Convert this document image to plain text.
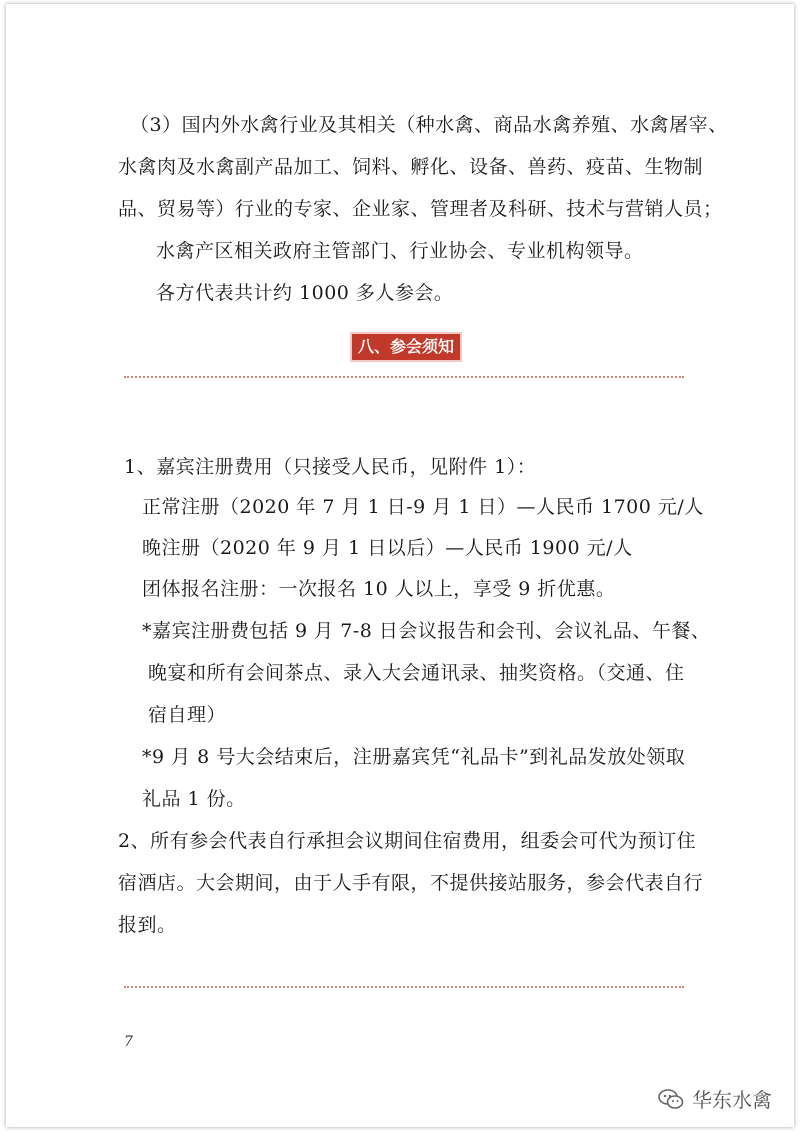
（3）国内外水禽行业及其相关（种水禽、商品水禽养殖、水禽屠宰、
水禽肉及水禽副产品加工、饲料、孵化、设备、兽药、疫苗、生物制
品、贸易等）行业的专家、企业家、管理者及科研、技术与营销人员；
水禽产区相关政府主管部门、行业协会、专业机构领导。
各方代表共计约 1000 多人参会。
八、参会须知
1、嘉宾注册费用（只接受人民币，见附件 1）：
正常注册（2020 年 7 月 1 日-9 月 1 日）—人民币 1700 元/人
晚注册（2020 年 9 月 1 日以后）—人民币 1900 元/人
团体报名注册：一次报名 10 人以上，享受 9 折优惠。
*嘉宾注册费包括 9 月 7-8 日会议报告和会刊、会议礼品、午餐、
晚宴和所有会间茶点、录入大会通讯录、抽奖资格。（交通、住
宿自理）
*9 月 8 号大会结束后，注册嘉宾凭“礼品卡”到礼品发放处领取
礼品 1 份。
2、所有参会代表自行承担会议期间住宿费用，组委会可代为预订住
宿酒店。大会期间，由于人手有限，不提供接站服务，参会代表自行
报到。
7
华东水禽
